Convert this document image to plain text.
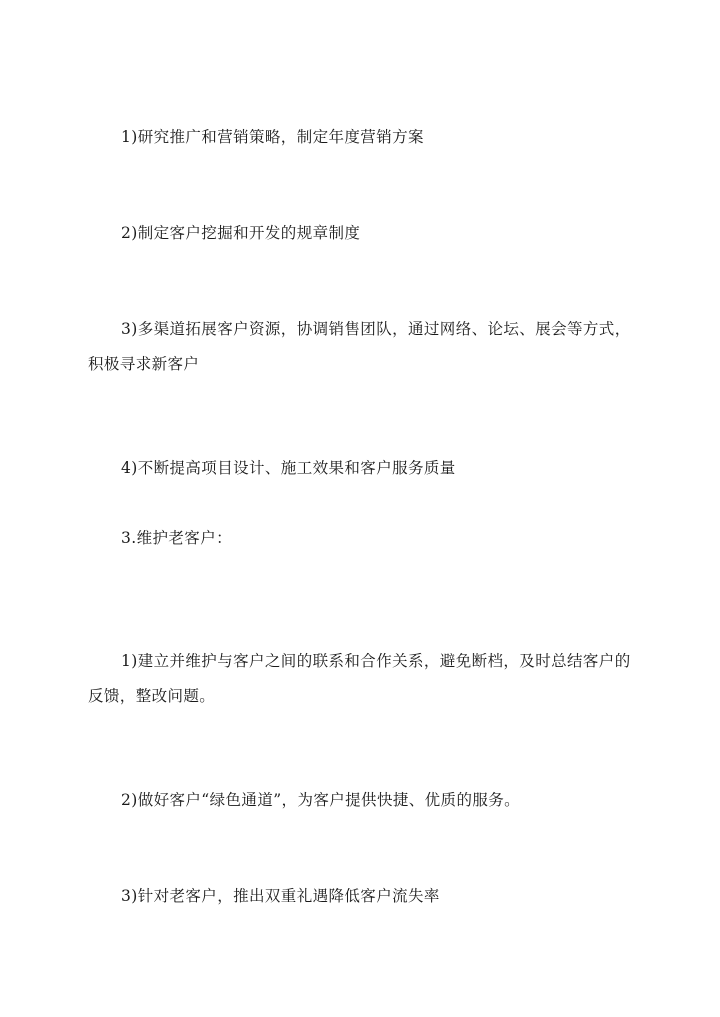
1)研究推广和营销策略，制定年度营销方案

2)制定客户挖掘和开发的规章制度

3)多渠道拓展客户资源，协调销售团队，通过网络、论坛、展会等方式，积极寻求新客户

4)不断提高项目设计、施工效果和客户服务质量

3.维护老客户：

1)建立并维护与客户之间的联系和合作关系，避免断档，及时总结客户的反馈，整改问题。

2)做好客户“绿色通道”，为客户提供快捷、优质的服务。

3)针对老客户，推出双重礼遇降低客户流失率
